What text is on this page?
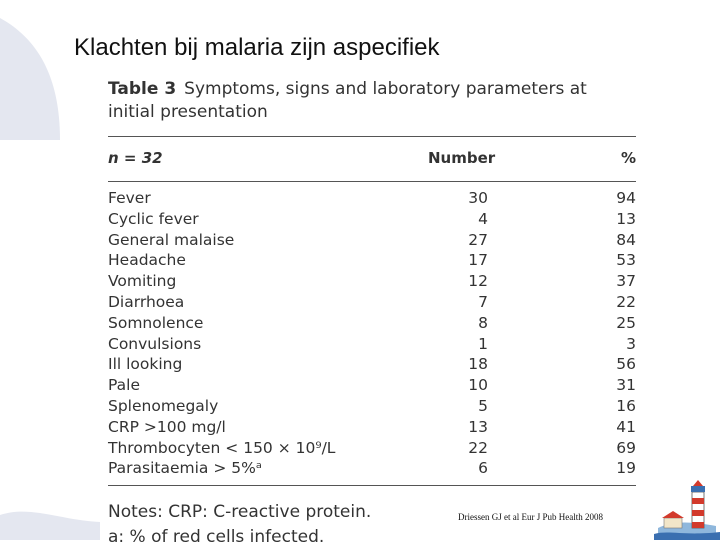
Klachten bij malaria zijn aspecifiek
Table 3 Symptoms, signs and laboratory parameters at initial presentation
n = 32	Number	%
Fever	30	94
Cyclic fever	4	13
General malaise	27	84
Headache	17	53
Vomiting	12	37
Diarrhoea	7	22
Somnolence	8	25
Convulsions	1	3
Ill looking	18	56
Pale	10	31
Splenomegaly	5	16
CRP >100 mg/l	13	41
Thrombocyten < 150 × 10⁹/L	22	69
Parasitaemia > 5%ᵃ	6	19
Notes: CRP: C-reactive protein.
a: % of red cells infected.
Driessen GJ et al Eur J Pub Health 2008
